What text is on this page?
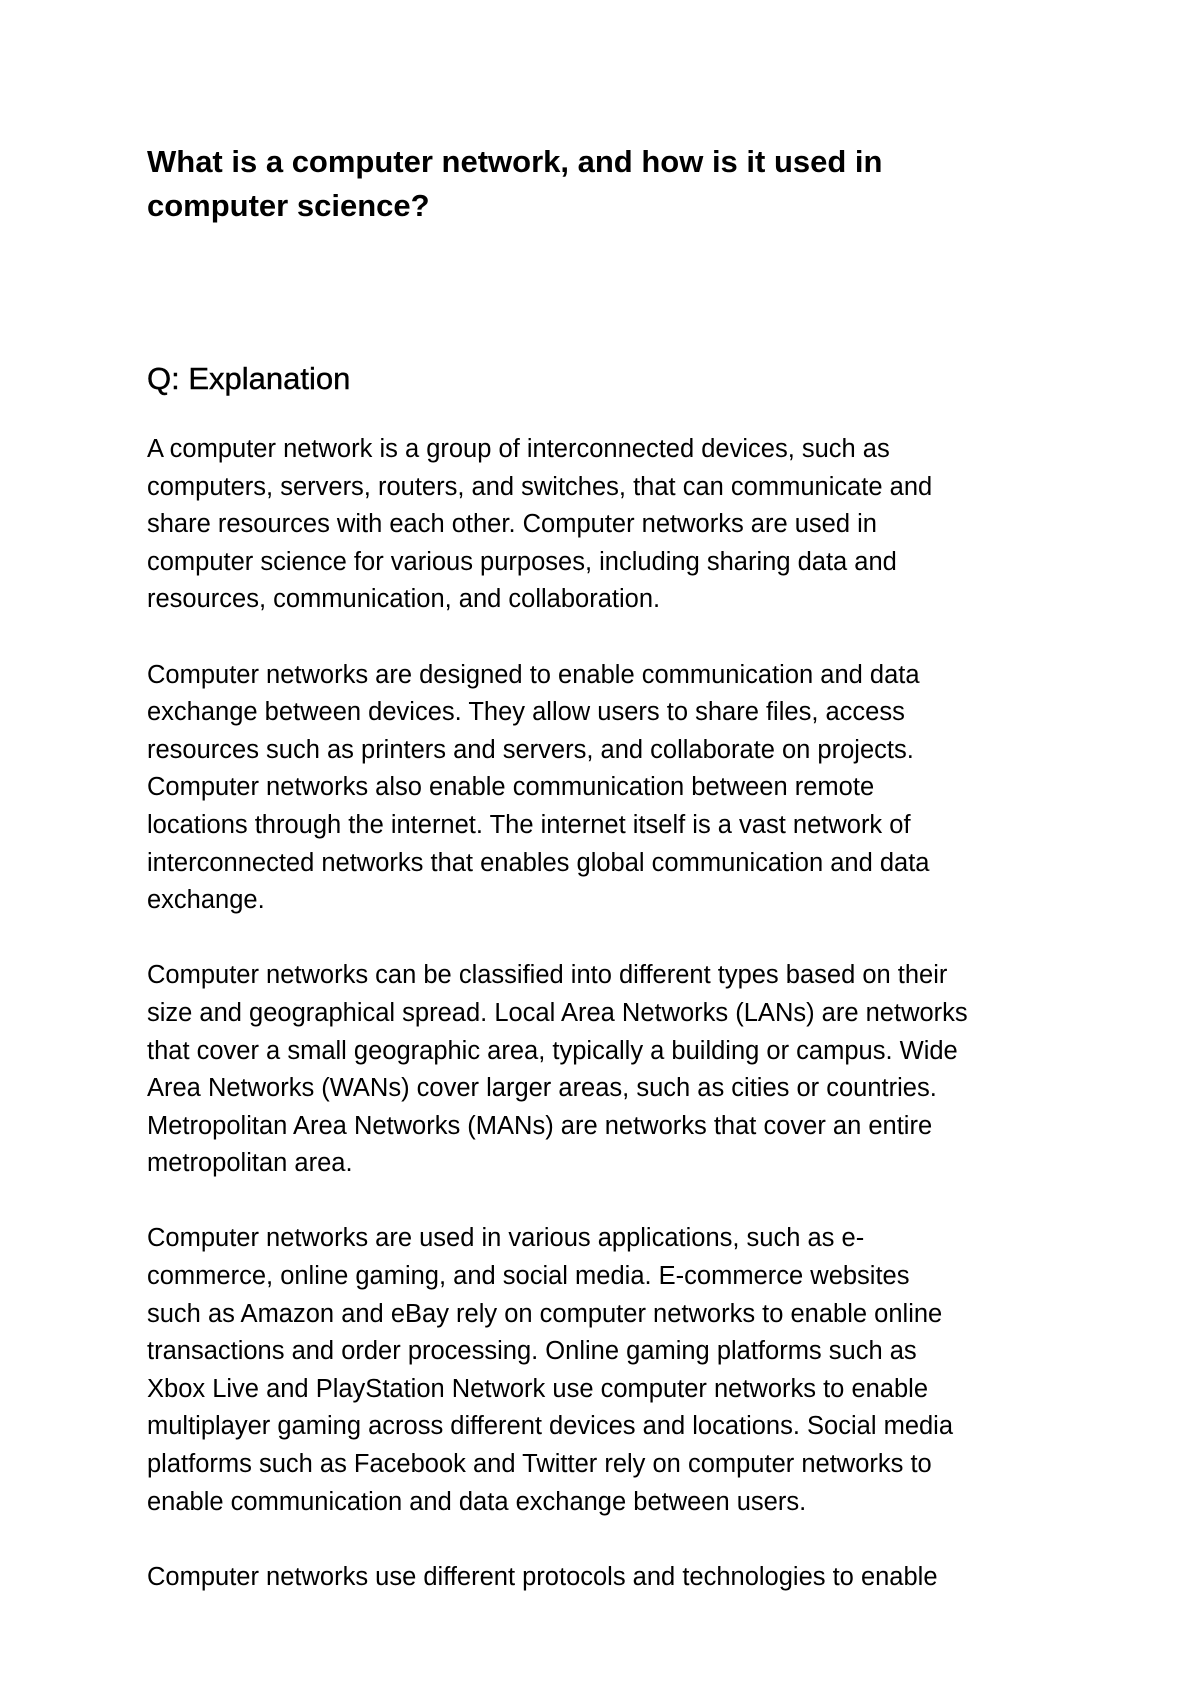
What is a computer network, and how is it used in
computer science?
Q: Explanation

A computer network is a group of interconnected devices, such as
computers, servers, routers, and switches, that can communicate and
share resources with each other. Computer networks are used in
computer science for various purposes, including sharing data and
resources, communication, and collaboration.

Computer networks are designed to enable communication and data
exchange between devices. They allow users to share files, access
resources such as printers and servers, and collaborate on projects.
Computer networks also enable communication between remote
locations through the internet. The internet itself is a vast network of
interconnected networks that enables global communication and data
exchange.

Computer networks can be classified into different types based on their
size and geographical spread. Local Area Networks (LANs) are networks
that cover a small geographic area, typically a building or campus. Wide
Area Networks (WANs) cover larger areas, such as cities or countries.
Metropolitan Area Networks (MANs) are networks that cover an entire
metropolitan area.

Computer networks are used in various applications, such as e-
commerce, online gaming, and social media. E-commerce websites
such as Amazon and eBay rely on computer networks to enable online
transactions and order processing. Online gaming platforms such as
Xbox Live and PlayStation Network use computer networks to enable
multiplayer gaming across different devices and locations. Social media
platforms such as Facebook and Twitter rely on computer networks to
enable communication and data exchange between users.

Computer networks use different protocols and technologies to enable
